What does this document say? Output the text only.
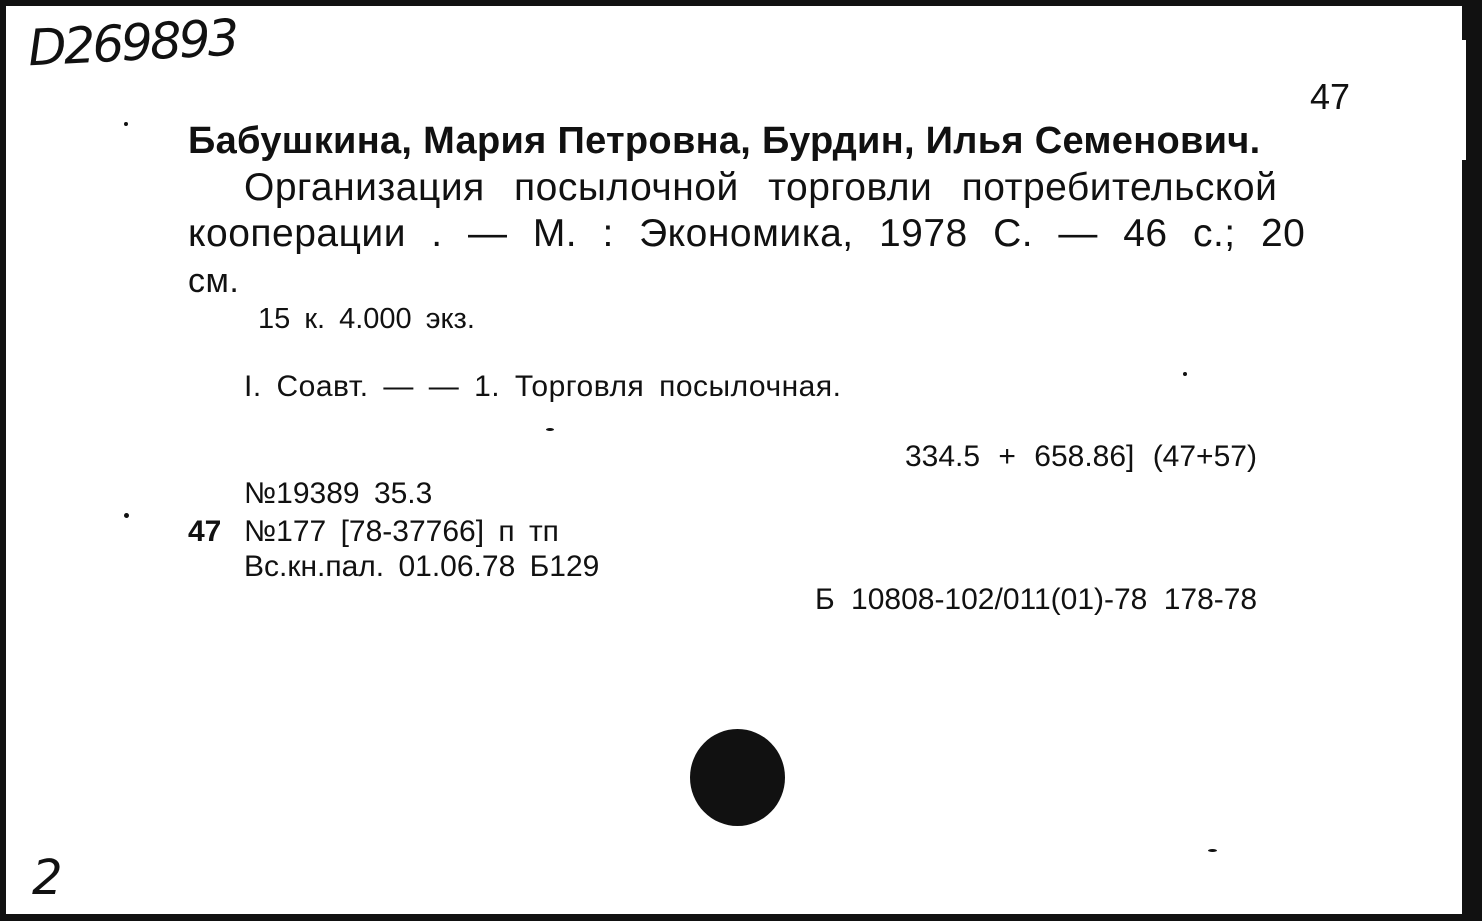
D269893
47
Бабушкина, Мария Петровна, Бурдин, Илья Семенович.
Организация посылочной торговли потребительской
кооперации . — М. : Экономика, 1978 С. — 46 с.; 20
см.
15 к. 4.000 экз.
I. Соавт. — — 1. Торговля посылочная.
334.5 + 658.86] (47+57)
№19389 35.3
47 №177 [78-37766] п тп
Вс.кн.пал. 01.06.78 Б129
Б 10808-102/011(01)-78 178-78
2
